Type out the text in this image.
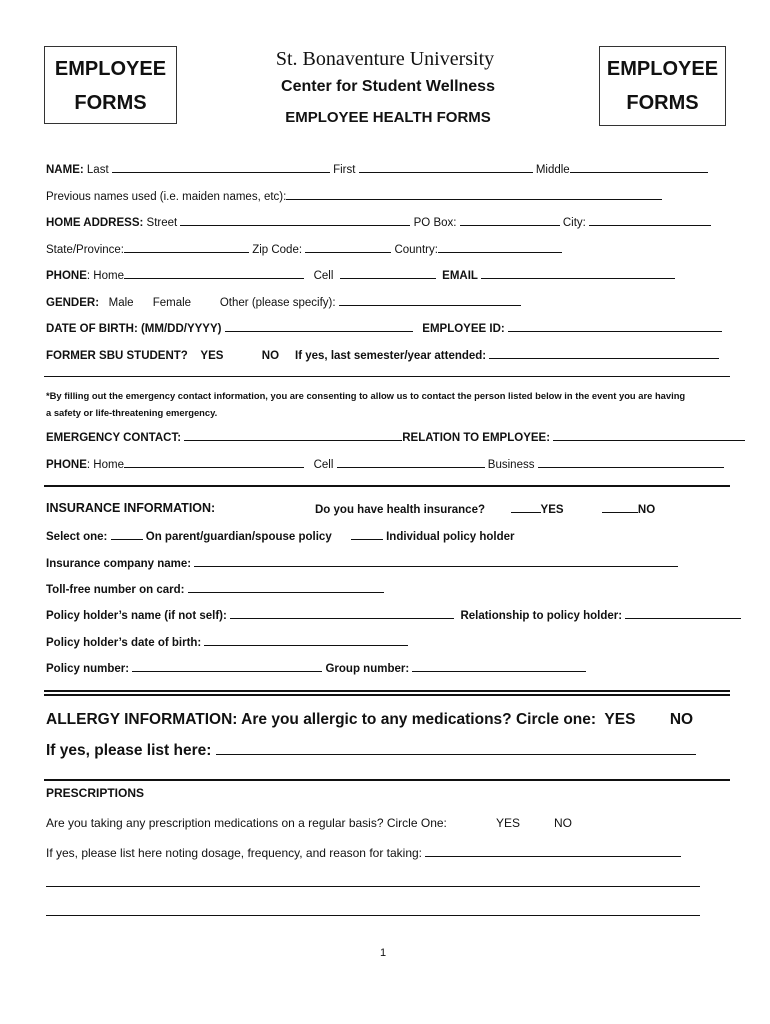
EMPLOYEE
FORMS
EMPLOYEE
FORMS
St. Bonaventure University
Center for Student Wellness
EMPLOYEE HEALTH FORMS
NAME: Last	First	Middle
Previous names used (i.e. maiden names, etc):
HOME ADDRESS: Street	PO Box:	City:
State/Province:	Zip Code:	Country:
PHONE: Home	Cell	EMAIL
GENDER: Male Female	Other (please specify):
DATE OF BIRTH: (MM/DD/YYYY)	EMPLOYEE ID:
FORMER SBU STUDENT? YES	NO If yes, last semester/year attended:
*By filling out the emergency contact information, you are consenting to allow us to contact the person listed below in the event you are having
a safety or life-threatening emergency.
EMERGENCY CONTACT:	RELATION TO EMPLOYEE:
PHONE: Home	Cell	Business
INSURANCE INFORMATION:	Do you have health insurance?	YES	NO
Select one:	On parent/guardian/spouse policy	Individual policy holder
Insurance company name:
Toll-free number on card:
Policy holder’s name (if not self):	Relationship to policy holder:
Policy holder’s date of birth:
Policy number:	Group number:
ALLERGY INFORMATION: Are you allergic to any medications? Circle one: YES NO
If yes, please list here:
PRESCRIPTIONS
Are you taking any prescription medications on a regular basis? Circle One:	YES	NO
If yes, please list here noting dosage, frequency, and reason for taking:
1
